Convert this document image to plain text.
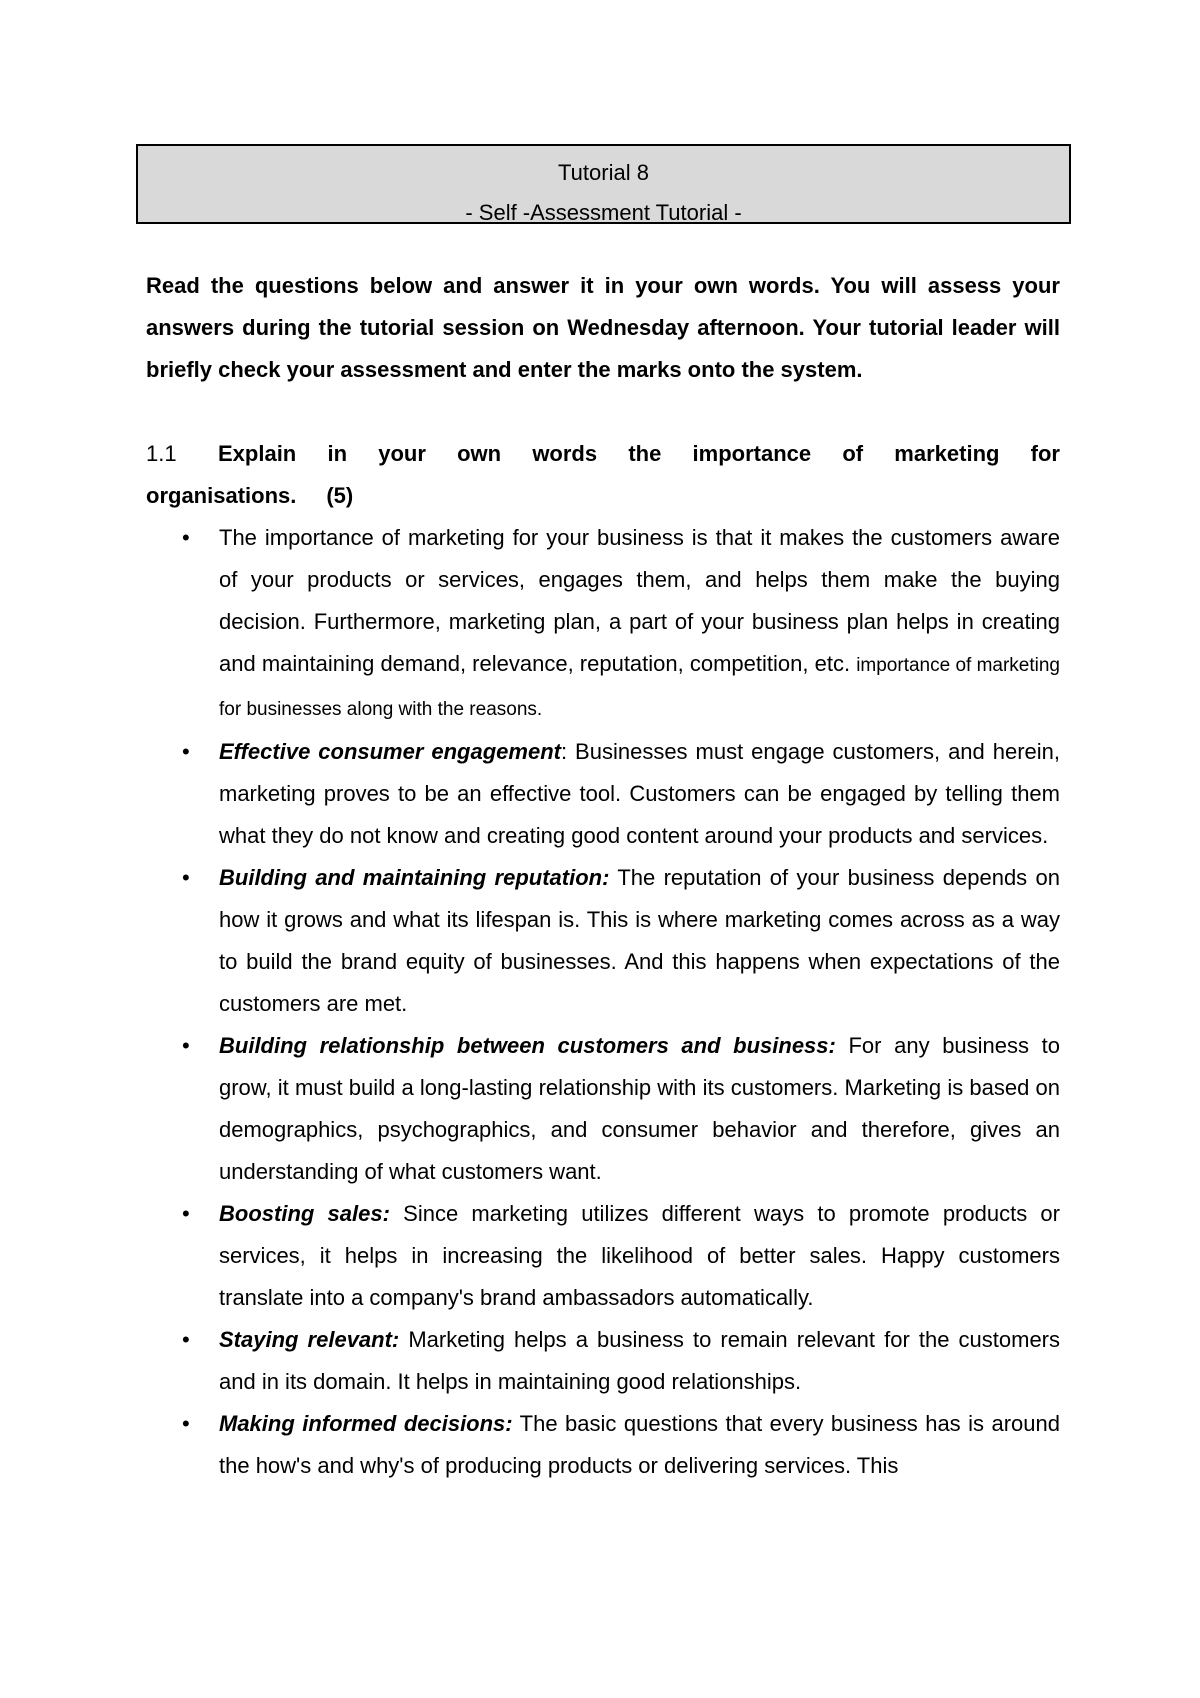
Tutorial 8
- Self -Assessment Tutorial -
Read the questions below and answer it in your own words. You will assess your answers during the tutorial session on Wednesday afternoon. Your tutorial leader will briefly check your assessment and enter the marks onto the system.
1.1	Explain in your own words the importance of marketing for
organisations. (5)
• The importance of marketing for your business is that it makes the customers aware of your products or services, engages them, and helps them make the buying decision. Furthermore, marketing plan, a part of your business plan helps in creating and maintaining demand, relevance, reputation, competition, etc. importance of marketing for businesses along with the reasons.
• Effective consumer engagement: Businesses must engage customers, and herein, marketing proves to be an effective tool. Customers can be engaged by telling them what they do not know and creating good content around your products and services.
• Building and maintaining reputation: The reputation of your business depends on how it grows and what its lifespan is. This is where marketing comes across as a way to build the brand equity of businesses. And this happens when expectations of the customers are met.
• Building relationship between customers and business: For any business to grow, it must build a long-lasting relationship with its customers. Marketing is based on demographics, psychographics, and consumer behavior and therefore, gives an understanding of what customers want.
• Boosting sales: Since marketing utilizes different ways to promote products or services, it helps in increasing the likelihood of better sales. Happy customers translate into a company's brand ambassadors automatically.
• Staying relevant: Marketing helps a business to remain relevant for the customers and in its domain. It helps in maintaining good relationships.
• Making informed decisions: The basic questions that every business has is around the how's and why's of producing products or delivering services. This
